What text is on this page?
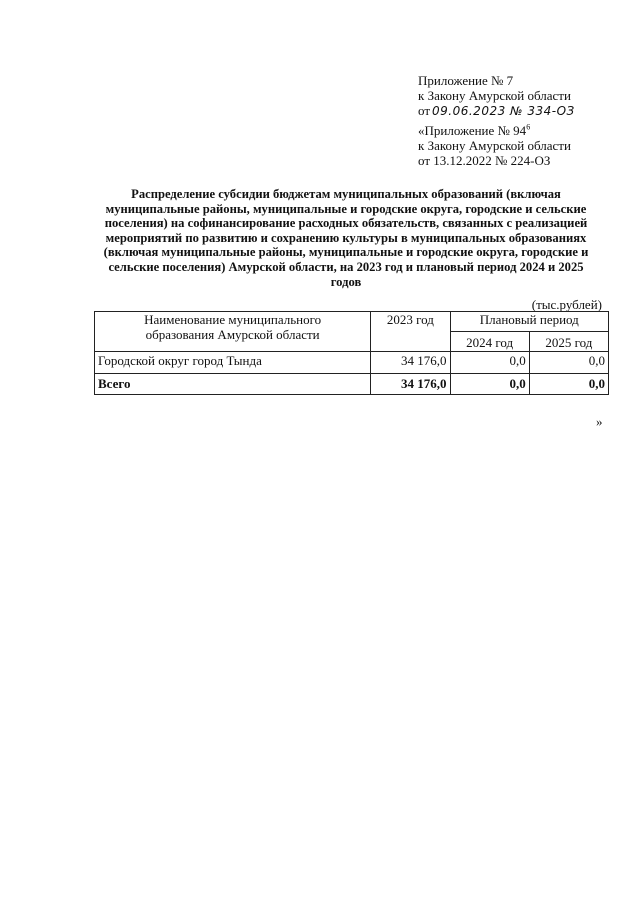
Приложение № 7
к Закону Амурской области
от 09.06.2023 № 334-ОЗ
«Приложение № $94^6$
к Закону Амурской области
от 13.12.2022 № 224-ОЗ
Распределение субсидии бюджетам муниципальных образований (включая
муниципальные районы, муниципальные и городские округа, городские и сельские
поселения) на софинансирование расходных обязательств, связанных с реализацией
мероприятий по развитию и сохранению культуры в муниципальных образованиях
(включая муниципальные районы, муниципальные и городские округа, городские и
сельские поселения) Амурской области, на 2023 год и плановый период 2024 и 2025
годов
(тыс.рублей)
Наименование муниципального
образования Амурской области	2023 год	Плановый период	
		2024 год	2025 год
Городской округ город Тында	34 176,0	0,0	0,0
Всего	34 176,0	0,0	0,0
»
